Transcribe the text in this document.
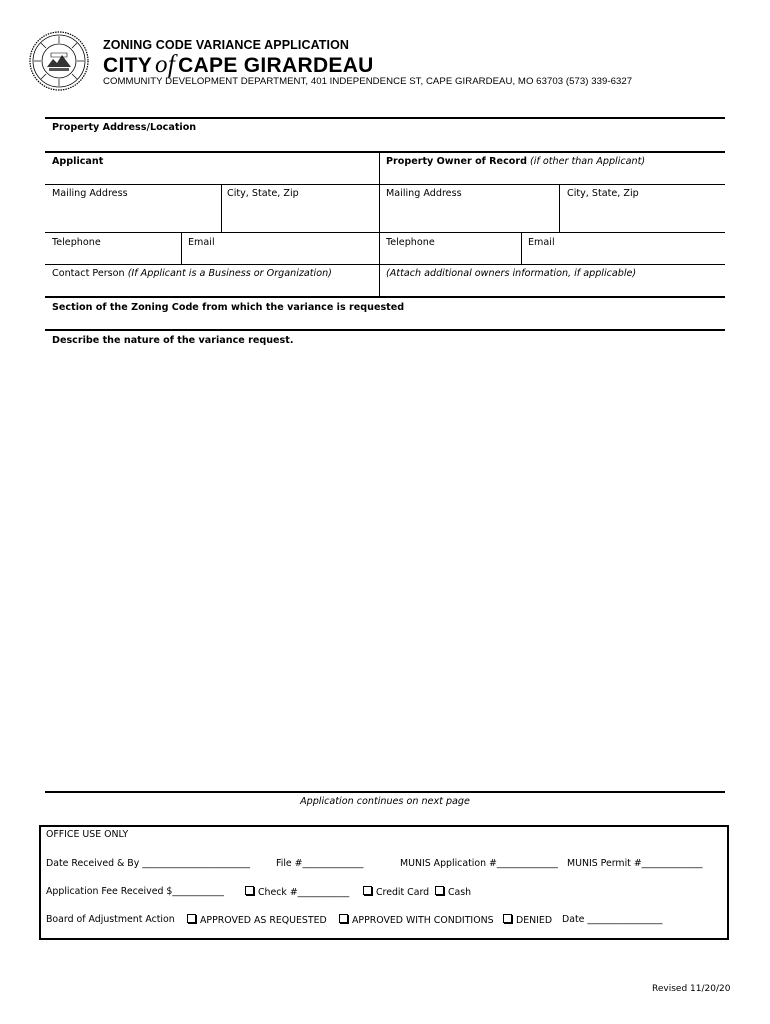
ZONING CODE VARIANCE APPLICATION
CITY of CAPE GIRARDEAU
COMMUNITY DEVELOPMENT DEPARTMENT, 401 INDEPENDENCE ST, CAPE GIRARDEAU, MO 63703 (573) 339-6327
Property Address/Location
Applicant	Property Owner of Record (if other than Applicant)
Mailing Address	City, State, Zip	Mailing Address	City, State, Zip
Telephone	Email	Telephone	Email
Contact Person (If Applicant is a Business or Organization)	(Attach additional owners information, if applicable)
Section of the Zoning Code from which the variance is requested
Describe the nature of the variance request.
Application continues on next page
OFFICE USE ONLY
Date Received & By _______________________	File #_____________	MUNIS Application #_____________ MUNIS Permit #_____________
Application Fee Received $___________	Check #___________	Credit Card	Cash
Board of Adjustment Action	APPROVED AS REQUESTED	APPROVED WITH CONDITIONS	DENIED Date ________________
Revised 11/20/20
